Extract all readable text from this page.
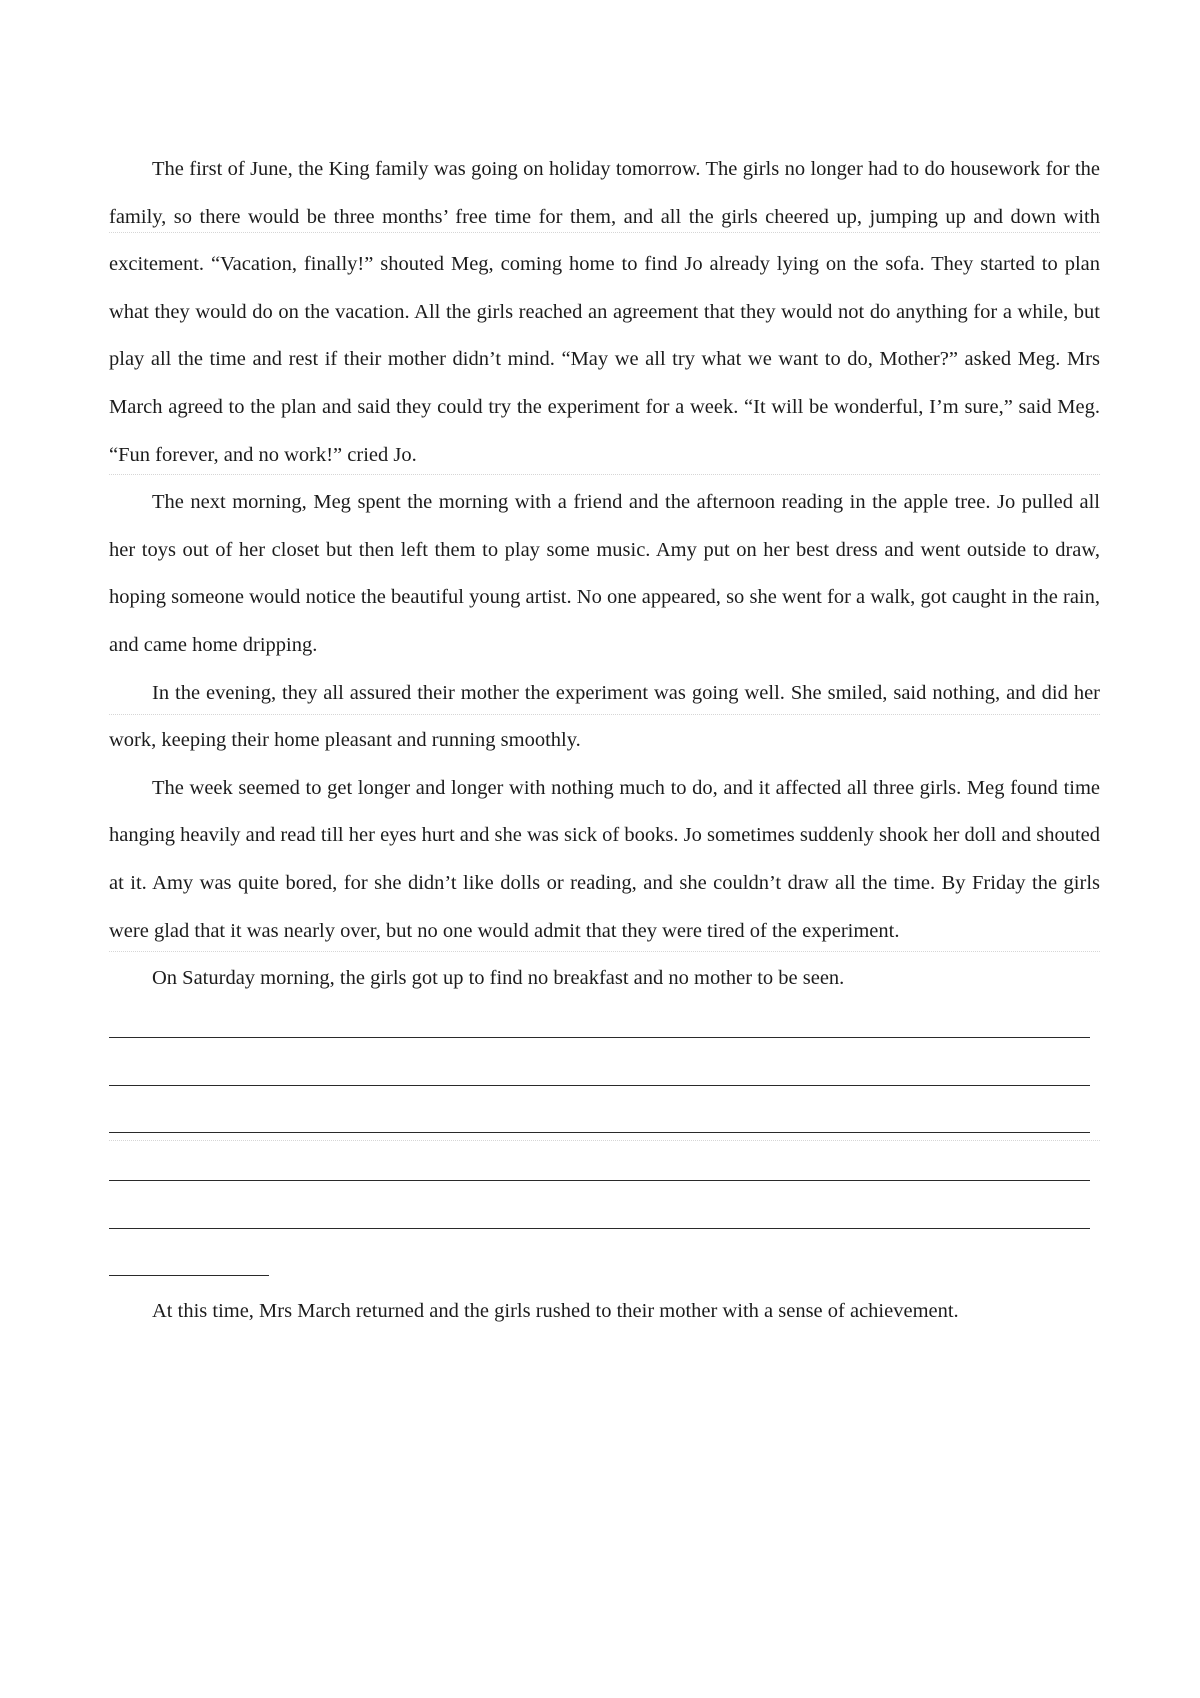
The first of June, the King family was going on holiday tomorrow. The girls no longer had to do housework for the family, so there would be three months’ free time for them, and all the girls cheered up, jumping up and down with excitement. “Vacation, finally!” shouted Meg, coming home to find Jo already lying on the sofa. They started to plan what they would do on the vacation. All the girls reached an agreement that they would not do anything for a while, but play all the time and rest if their mother didn’t mind. “May we all try what we want to do, Mother?” asked Meg. Mrs March agreed to the plan and said they could try the experiment for a week. “It will be wonderful, I’m sure,” said Meg. “Fun forever, and no work!” cried Jo.

The next morning, Meg spent the morning with a friend and the afternoon reading in the apple tree. Jo pulled all her toys out of her closet but then left them to play some music. Amy put on her best dress and went outside to draw, hoping someone would notice the beautiful young artist. No one appeared, so she went for a walk, got caught in the rain, and came home dripping.

In the evening, they all assured their mother the experiment was going well. She smiled, said nothing, and did her work, keeping their home pleasant and running smoothly.

The week seemed to get longer and longer with nothing much to do, and it affected all three girls. Meg found time hanging heavily and read till her eyes hurt and she was sick of books. Jo sometimes suddenly shook her doll and shouted at it. Amy was quite bored, for she didn’t like dolls or reading, and she couldn’t draw all the time. By Friday the girls were glad that it was nearly over, but no one would admit that they were tired of the experiment.

On Saturday morning, the girls got up to find no breakfast and no mother to be seen.

At this time, Mrs March returned and the girls rushed to their mother with a sense of achievement.
